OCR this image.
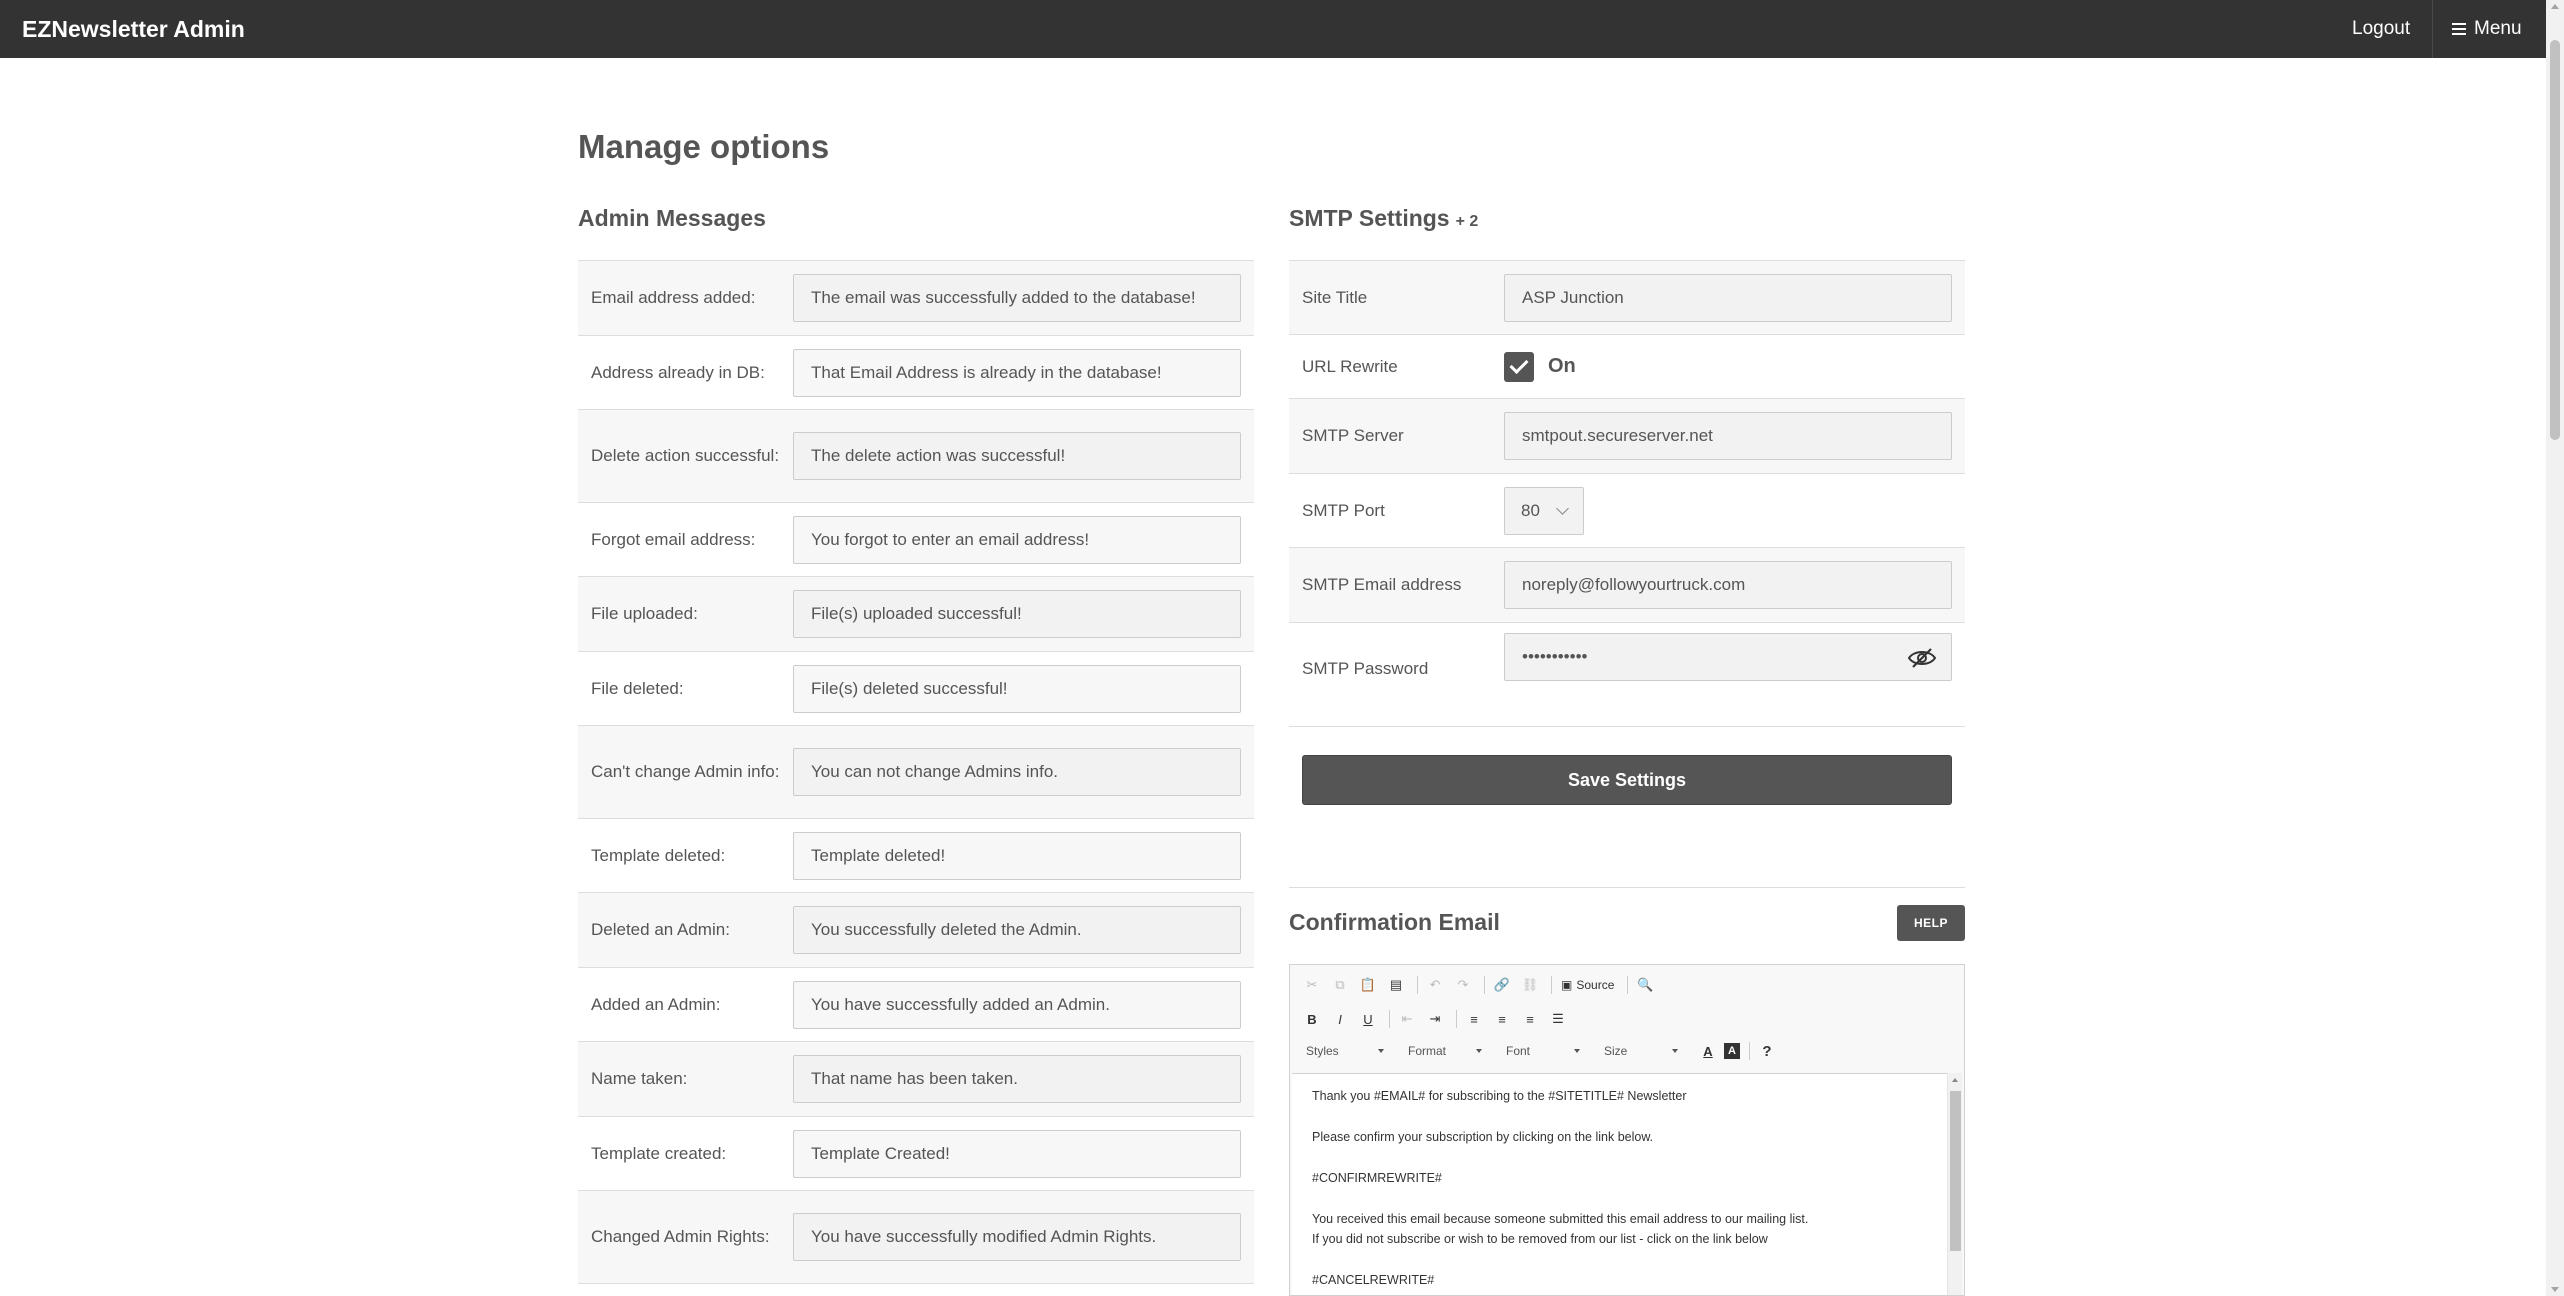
EZNewsletter Admin	Logout	Menu
Manage options
Admin Messages
Email address added:	The email was successfully added to the database!
Address already in DB:	That Email Address is already in the database!
Delete action successful:	The delete action was successful!
Forgot email address:	You forgot to enter an email address!
File uploaded:	File(s) uploaded successful!
File deleted:	File(s) deleted successful!
Can't change Admin info:	You can not change Admins info.
Template deleted:	Template deleted!
Deleted an Admin:	You successfully deleted the Admin.
Added an Admin:	You have successfully added an Admin.
Name taken:	That name has been taken.
Template created:	Template Created!
Changed Admin Rights:	You have successfully modified Admin Rights.
SMTP Settings + 2
Site Title	ASP Junction
URL Rewrite	On
SMTP Server	smtpout.secureserver.net
SMTP Port	80
SMTP Email address	noreply@followyourtruck.com
SMTP Password
•••••••••••
Save Settings
Confirmation Email	HELP
✂	⧉	📋	▤	↶	↷	🔗 ⛓	▣ Source	🔍
B	I	U	⇤	⇥	≡	≡	≡	☰
Styles	Format	Font	Size	A	A	?

Thank you #EMAIL# for subscribing to the #SITETITLE# Newsletter

Please confirm your subscription by clicking on the link below.

#CONFIRMREWRITE#

You received this email because someone submitted this email address to our mailing list.

If you did not subscribe or wish to be removed from our list - click on the link below

#CANCELREWRITE#
